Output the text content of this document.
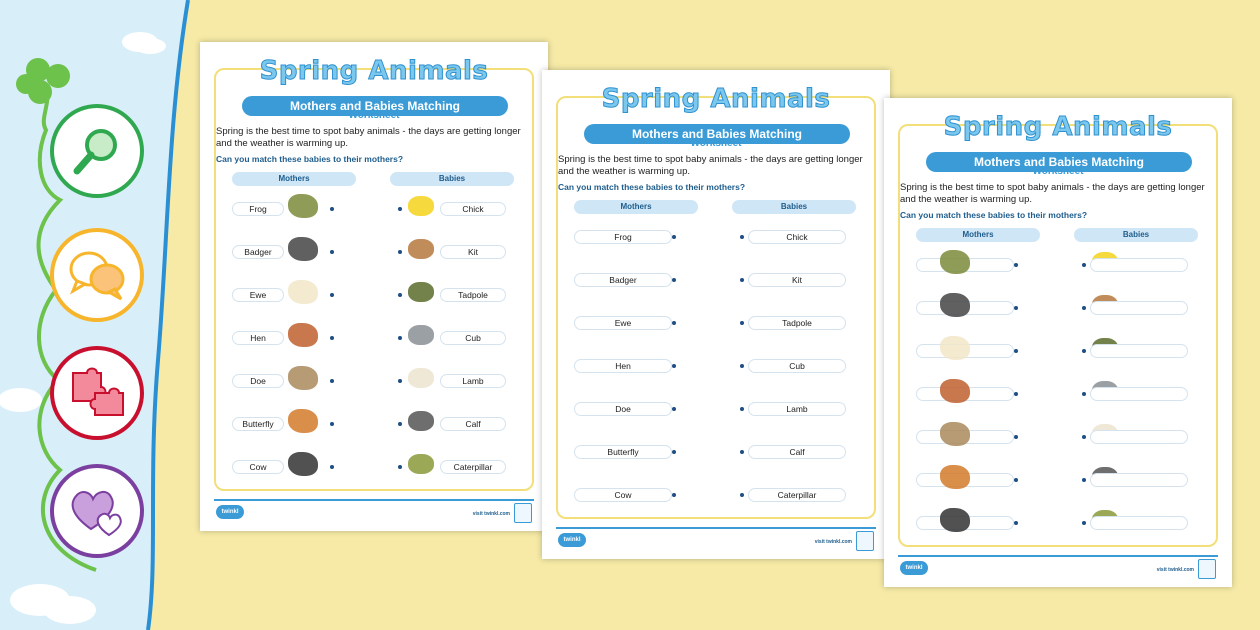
Spring Animals
Mothers and Babies Matching
Worksheet
Spring is the best time to spot baby animals - the days are getting longer and the weather is warming up.
Can you match these babies to their mothers?
Mothers	Babies
twinkl	visit twinkl.com
Frog	Chick
Badger	Kit
Ewe	Tadpole
Hen	Cub
Doe	Lamb
Butterfly	Calf
Cow	Caterpillar
Spring Animals
Mothers and Babies Matching
Worksheet
Spring is the best time to spot baby animals - the days are getting longer and the weather is warming up.
Can you match these babies to their mothers?
Mothers	Babies
twinkl	visit twinkl.com
Frog	Chick
Badger	Kit
Ewe	Tadpole
Hen	Cub
Doe	Lamb
Butterfly	Calf
Cow	Caterpillar
Spring Animals
Mothers and Babies Matching
Worksheet
Spring is the best time to spot baby animals - the days are getting longer and the weather is warming up.
Can you match these babies to their mothers?
Mothers	Babies
twinkl	visit twinkl.com
